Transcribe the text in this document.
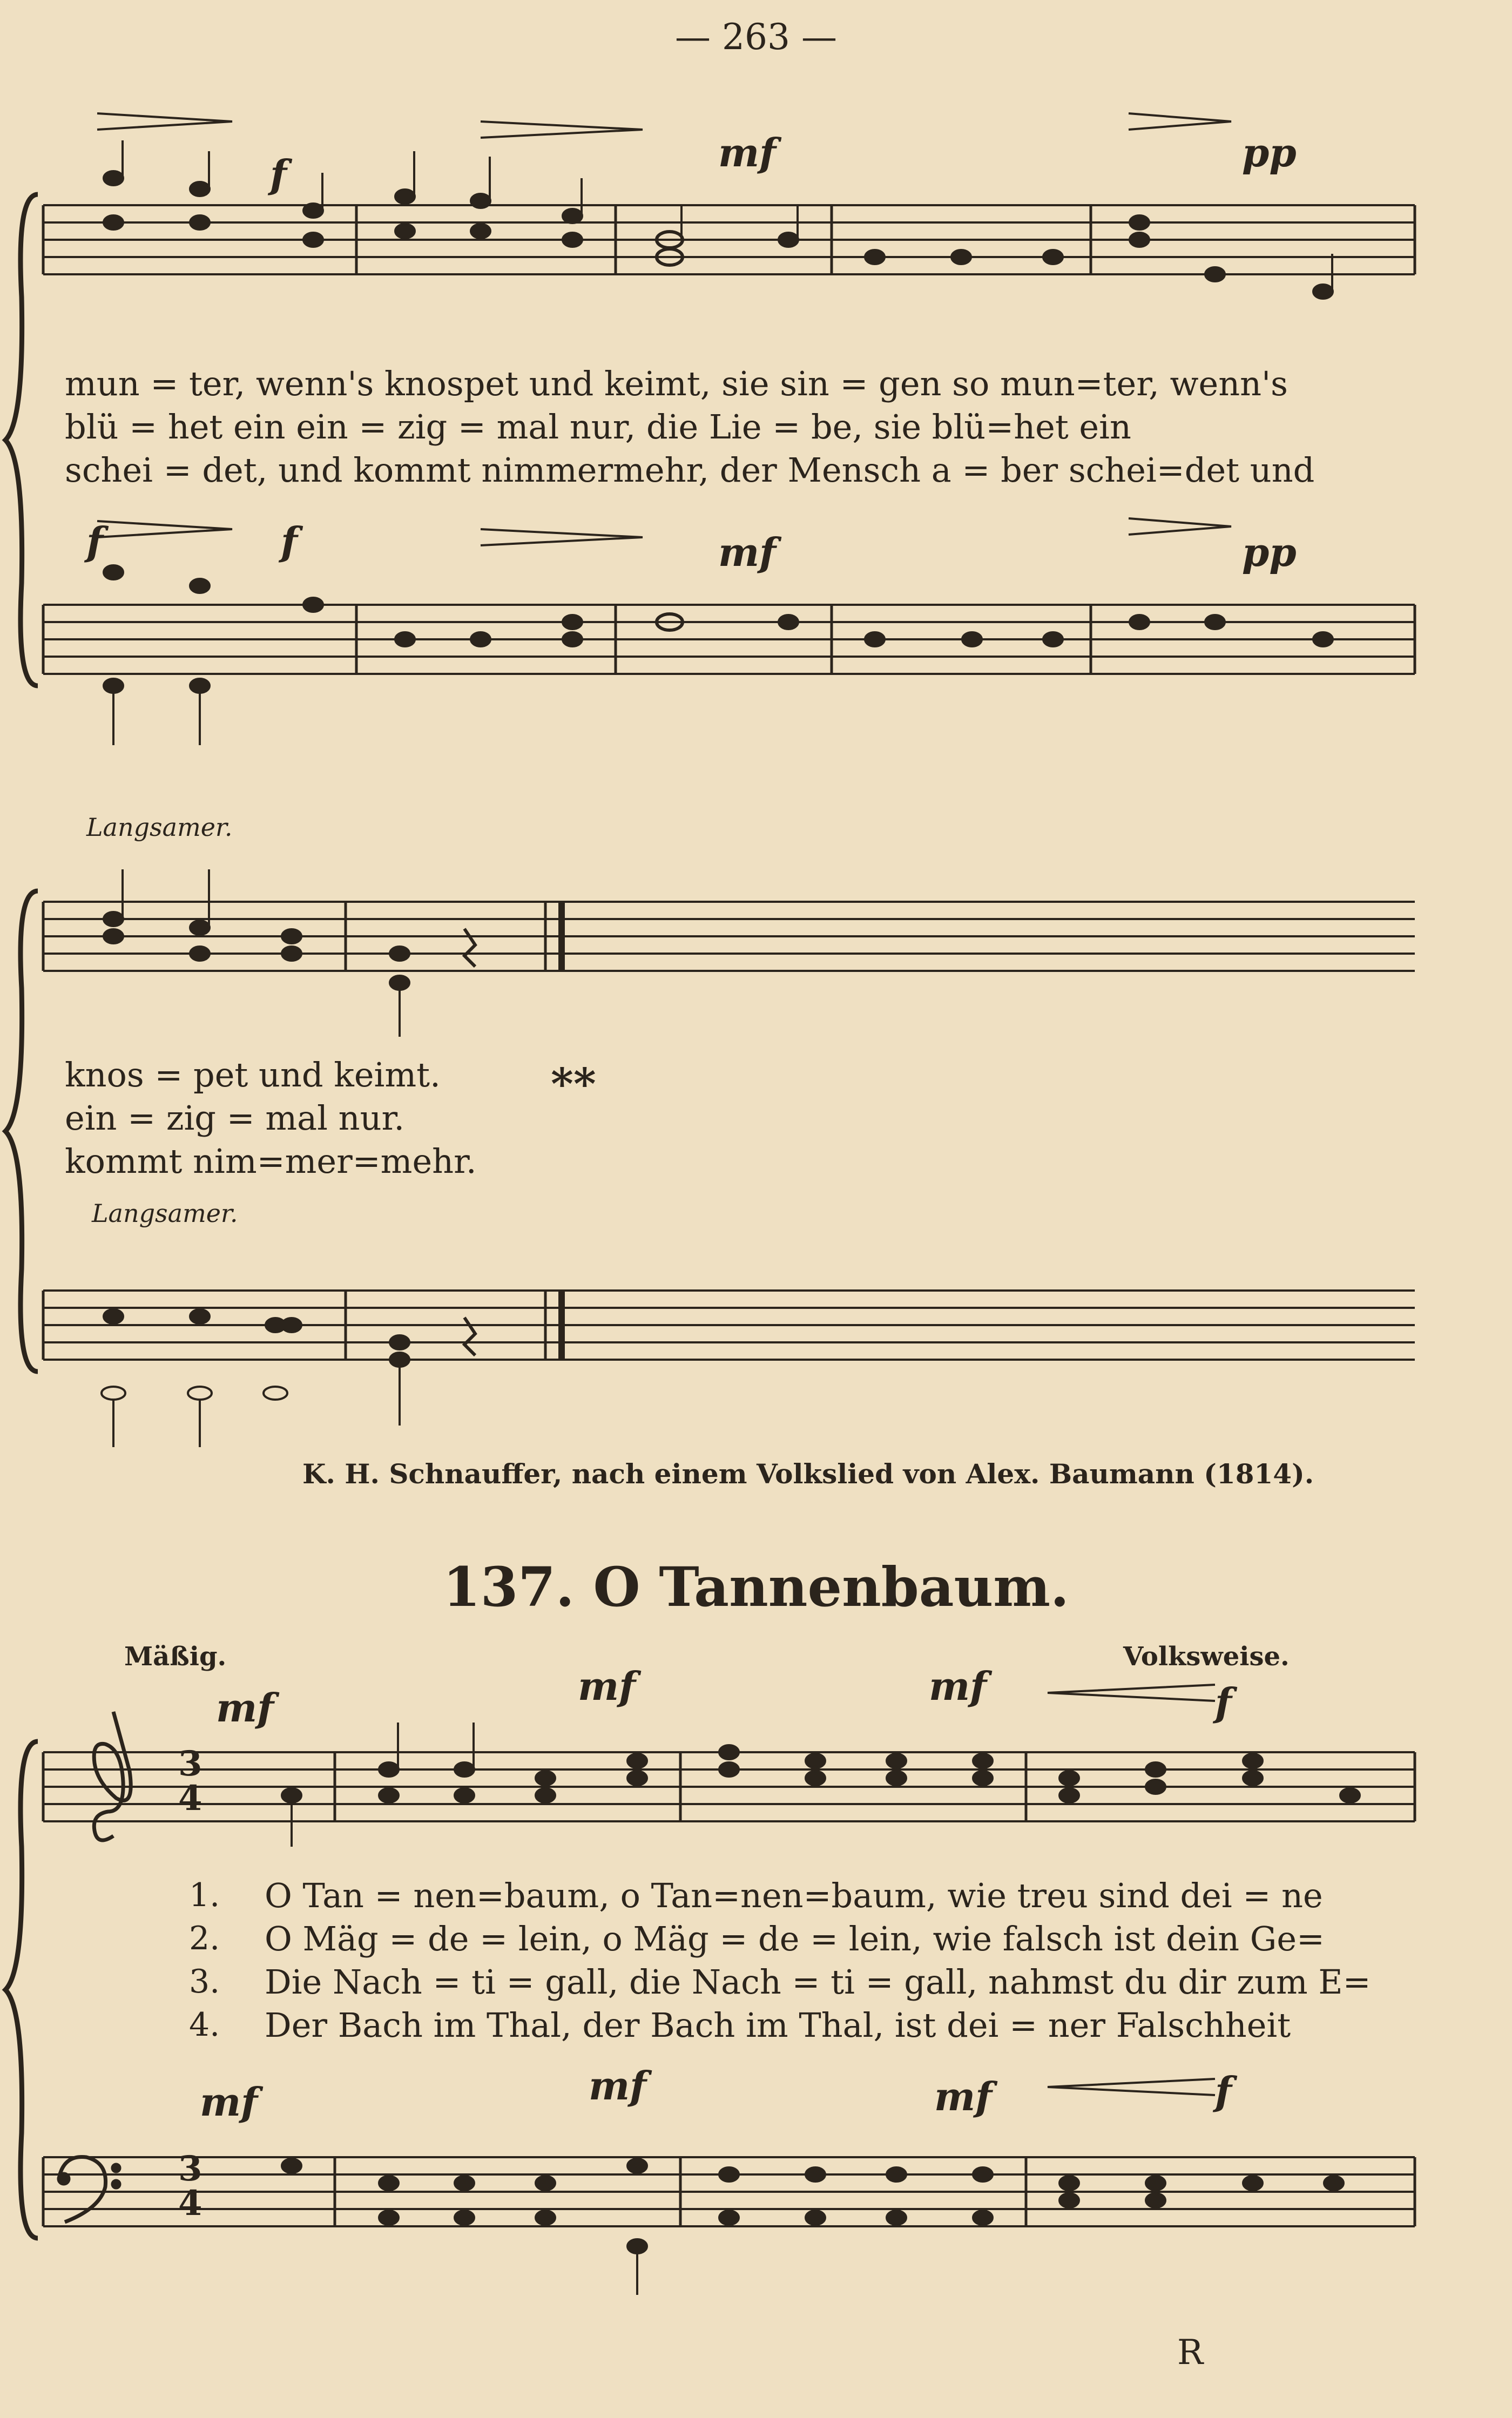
— 263 —
f	mf	pp
f	f	mf	pp
mun = ter, wenn's knospet und keimt, sie sin = gen so mun=ter, wenn's
blü = het ein ein = zig = mal nur, die Lie = be, sie blü=het ein
schei = det, und kommt nimmermehr, der Mensch a = ber schei=det und
Langsamer.
knos = pet und keimt.
ein = zig = mal nur.
kommt nim=mer=mehr.
**
Langsamer.
K. H. Schnauffer, nach einem Volkslied von Alex. Baumann (1814).
137. O Tannenbaum.
Mäßig.	Volksweise.
mf	mf	mf	f
mf	mf	mf	f
3
4
3
4
1. O Tan = nen=baum, o Tan=nen=baum, wie treu sind dei = ne
2. O Mäg = de = lein, o Mäg = de = lein, wie falsch ist dein Ge=
3. Die Nach = ti = gall, die Nach = ti = gall, nahmst du dir zum E=
4. Der Bach im Thal, der Bach im Thal, ist dei = ner Falschheit
R
